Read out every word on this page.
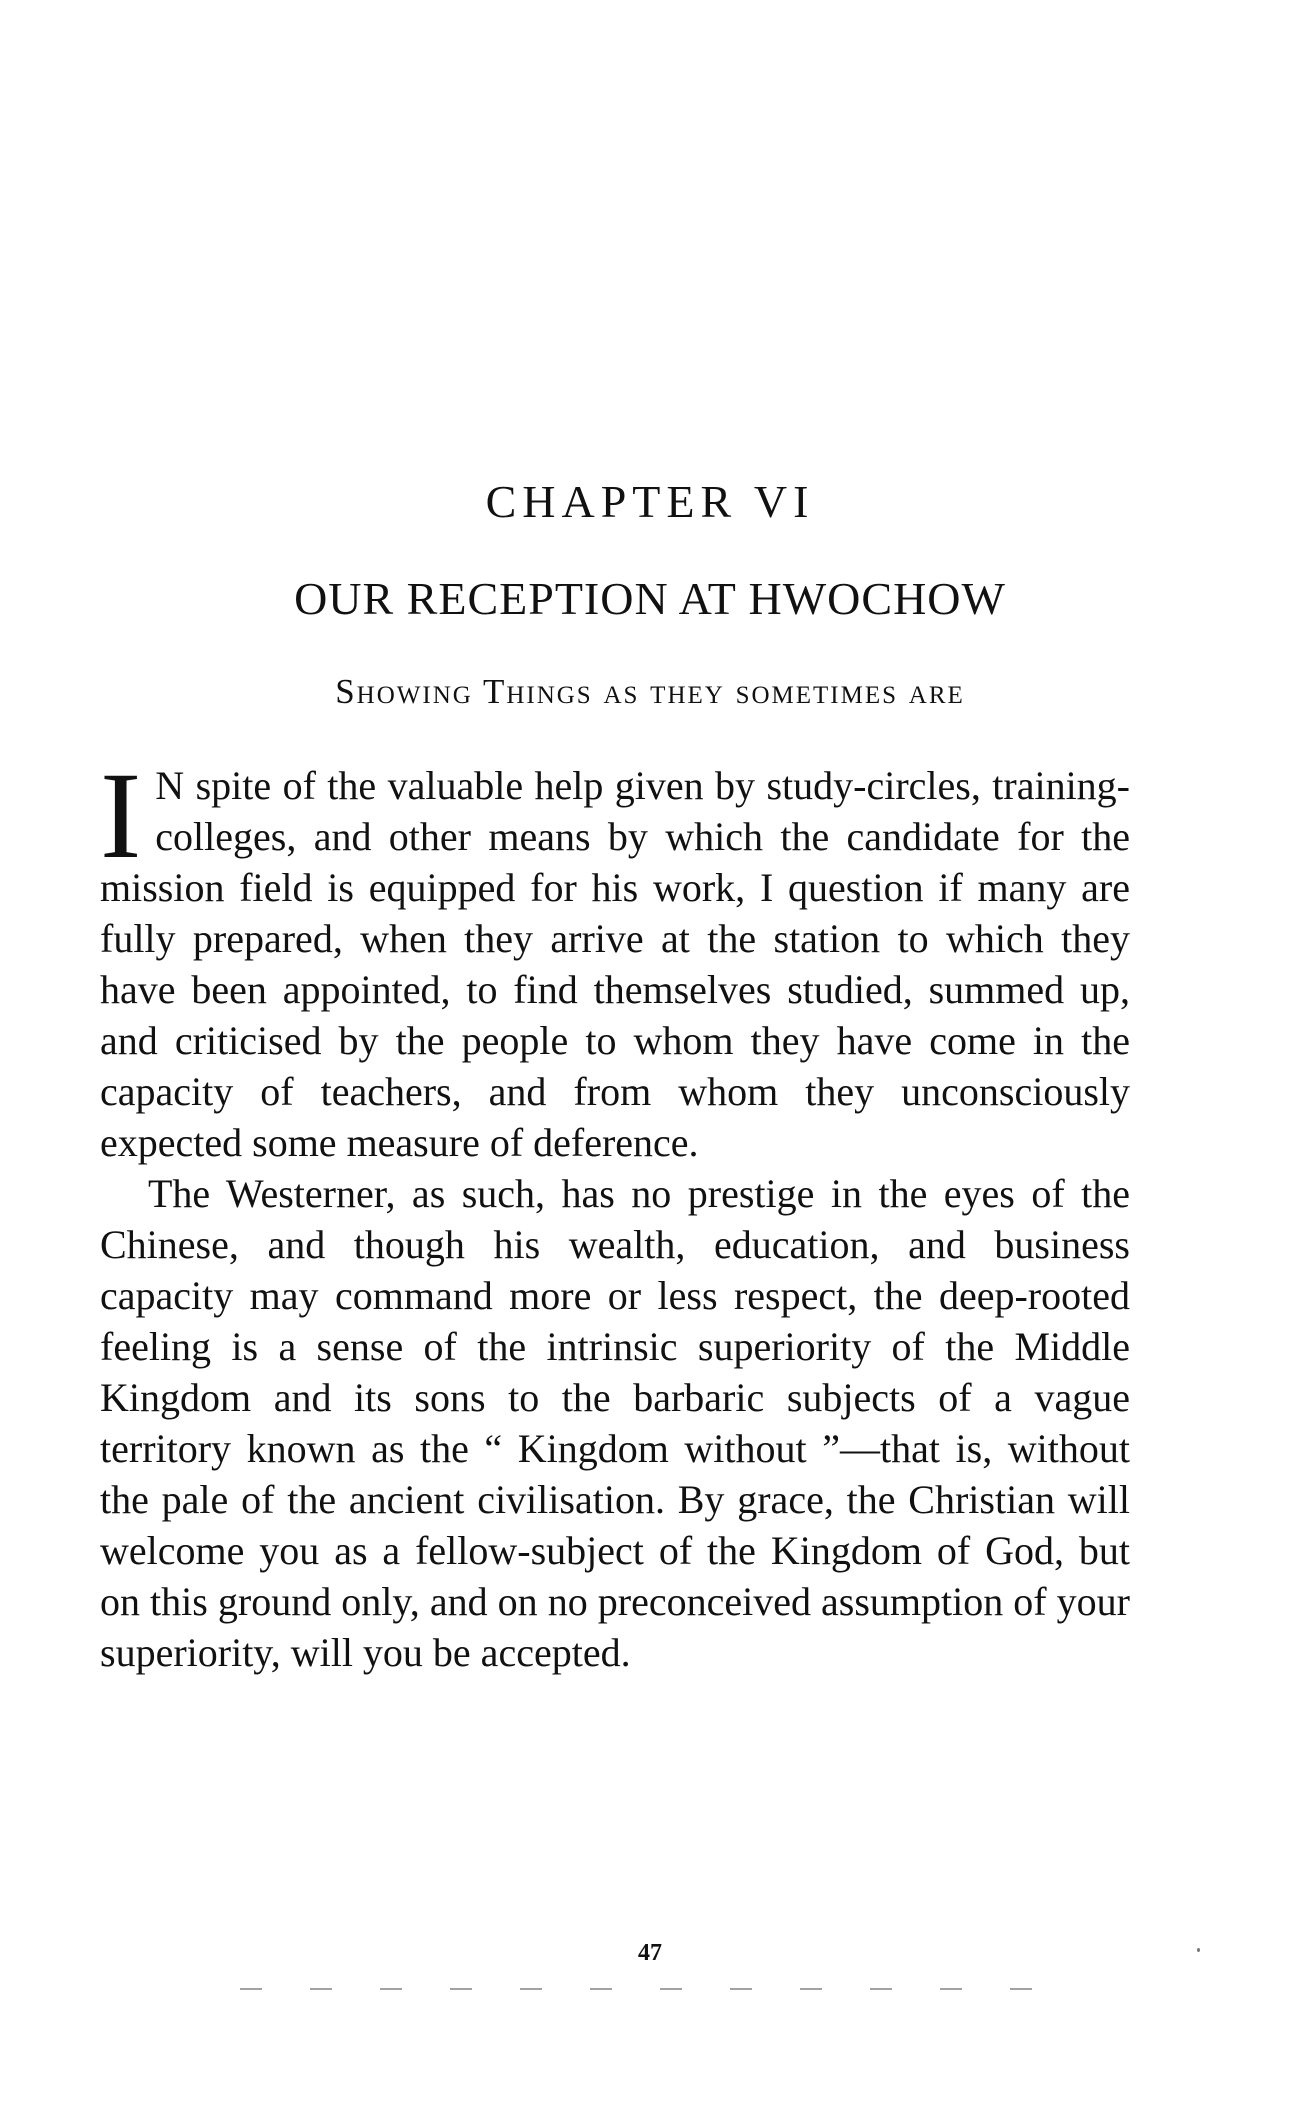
CHAPTER VI
OUR RECEPTION AT HWOCHOW
Showing Things as they sometimes are

I N spite of the valuable help given by study-circles, training-colleges, and other means by which the candidate for the mission field is equipped for his work, I question if many are fully prepared, when they arrive at the station to which they have been appointed, to find themselves studied, summed up, and criticised by the people to whom they have come in the capacity of teachers, and from whom they unconsciously expected some measure of deference.

The Westerner, as such, has no prestige in the eyes of the Chinese, and though his wealth, education, and business capacity may command more or less respect, the deep-rooted feeling is a sense of the intrinsic superiority of the Middle Kingdom and its sons to the barbaric subjects of a vague territory known as the “ Kingdom without ”—that is, without the pale of the ancient civilisation. By grace, the Christian will welcome you as a fellow-subject of the Kingdom of God, but on this ground only, and on no preconceived assumption of your superiority, will you be accepted.

47
